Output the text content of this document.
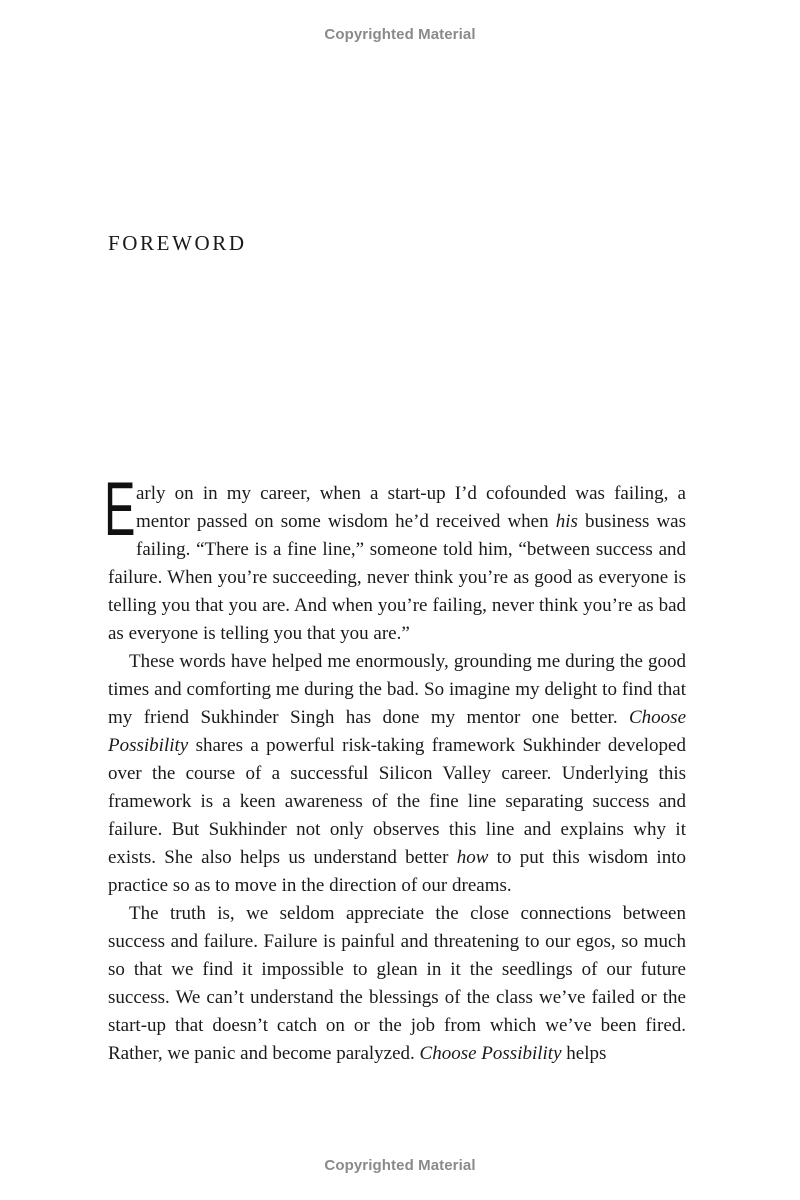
Copyrighted Material
FOREWORD

Early on in my career, when a start-up I’d cofounded was failing, a mentor passed on some wisdom he’d received when his business was failing. “There is a fine line,” someone told him, “between success and failure. When you’re succeeding, never think you’re as good as everyone is telling you that you are. And when you’re failing, never think you’re as bad as everyone is telling you that you are.”

These words have helped me enormously, grounding me during the good times and comforting me during the bad. So imagine my delight to find that my friend Sukhinder Singh has done my mentor one better. Choose Possibility shares a powerful risk-taking framework Sukhinder developed over the course of a successful Silicon Valley career. Underlying this framework is a keen awareness of the fine line separating success and failure. But Sukhinder not only observes this line and explains why it exists. She also helps us understand better how to put this wisdom into practice so as to move in the direction of our dreams.

The truth is, we seldom appreciate the close connections between success and failure. Failure is painful and threatening to our egos, so much so that we find it impossible to glean in it the seedlings of our future success. We can’t understand the blessings of the class we’ve failed or the start-up that doesn’t catch on or the job from which we’ve been fired. Rather, we panic and become paralyzed. Choose Possibility helps

Copyrighted Material
